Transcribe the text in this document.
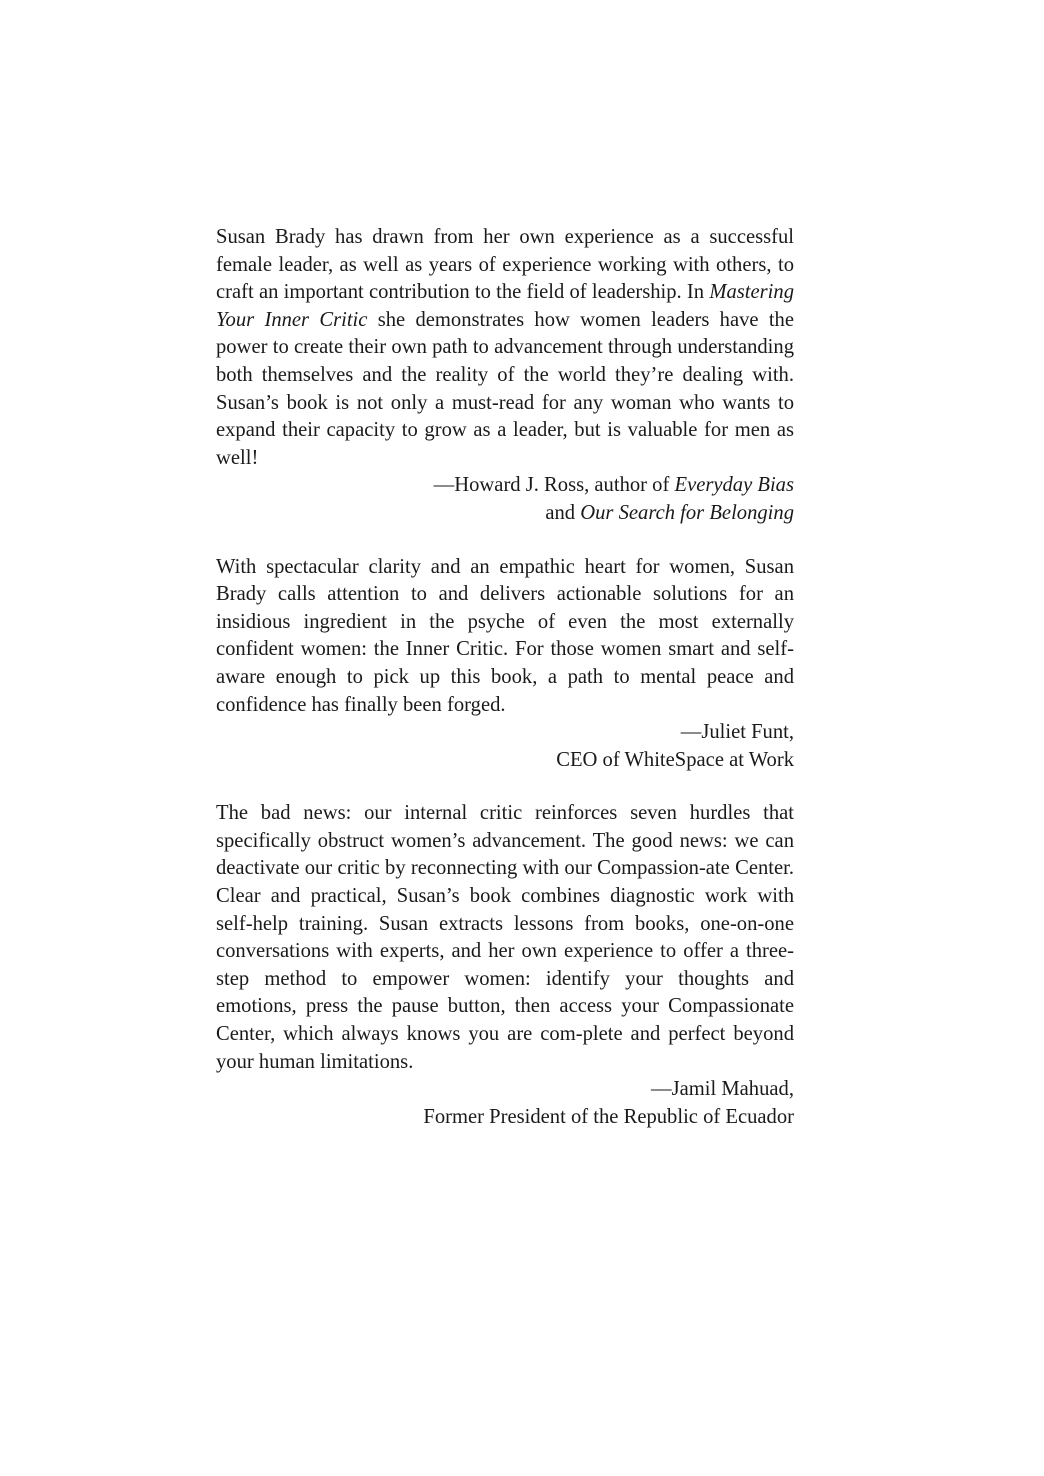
Susan Brady has drawn from her own experience as a successful female leader, as well as years of experience working with others, to craft an important contribution to the field of leadership. In Mastering Your Inner Critic she demonstrates how women leaders have the power to create their own path to advancement through understanding both themselves and the reality of the world they’re dealing with. Susan’s book is not only a must-read for any woman who wants to expand their capacity to grow as a leader, but is valuable for men as well!

—Howard J. Ross, author of Everyday Bias
and Our Search for Belonging

With spectacular clarity and an empathic heart for women, Susan Brady calls attention to and delivers actionable solutions for an insidious ingredient in the psyche of even the most externally confident women: the Inner Critic. For those women smart and self-aware enough to pick up this book, a path to mental peace and confidence has finally been forged.

—Juliet Funt,
CEO of WhiteSpace at Work

The bad news: our internal critic reinforces seven hurdles that specifically obstruct women’s advancement. The good news: we can deactivate our critic by reconnecting with our Compassion-ate Center. Clear and practical, Susan’s book combines diagnostic work with self-help training. Susan extracts lessons from books, one-on-one conversations with experts, and her own experience to offer a three-step method to empower women: identify your thoughts and emotions, press the pause button, then access your Compassionate Center, which always knows you are com-plete and perfect beyond your human limitations.

—Jamil Mahuad,
Former President of the Republic of Ecuador
